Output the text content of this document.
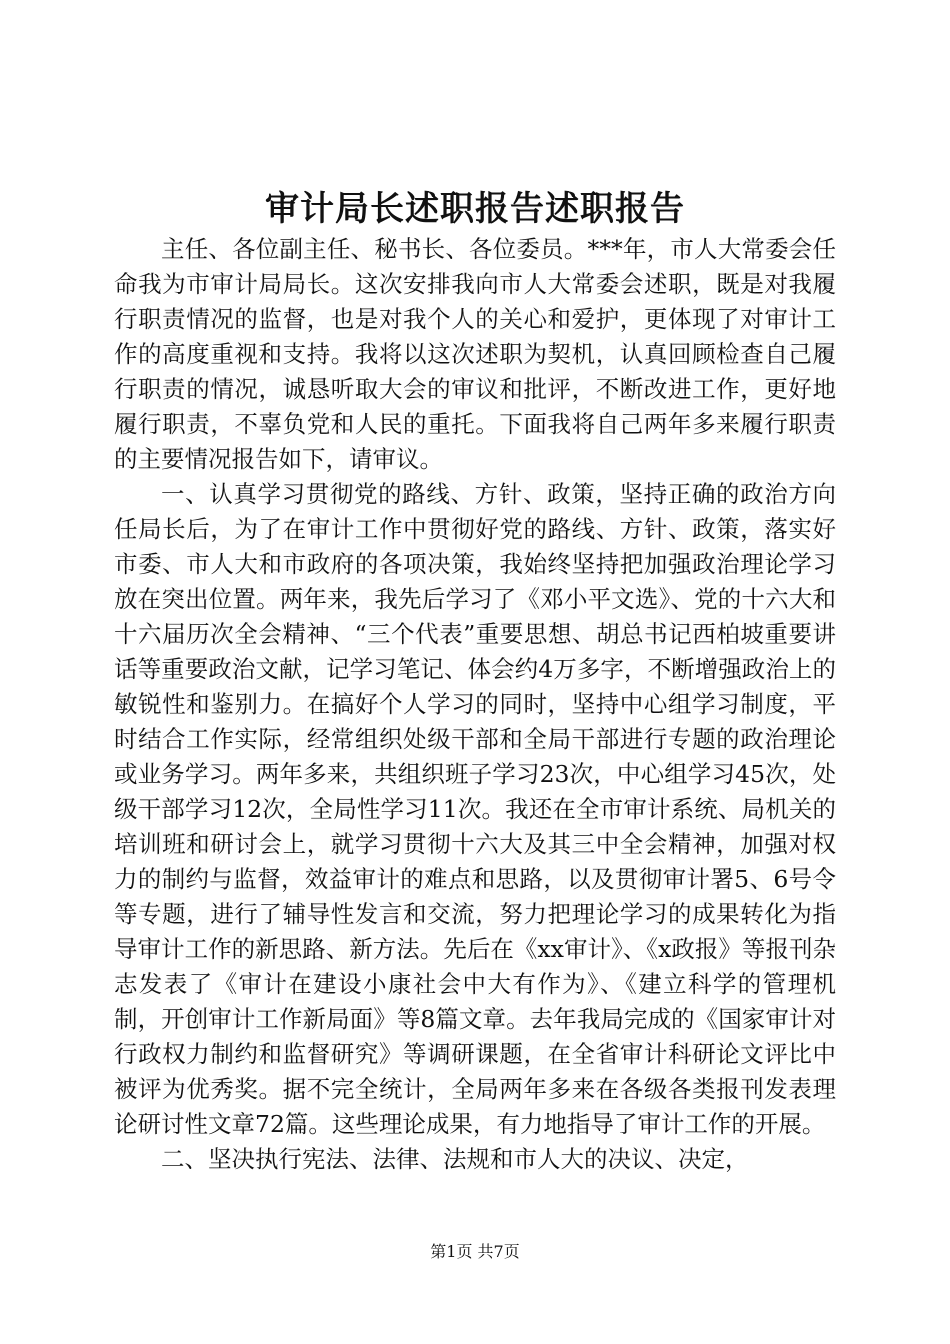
审计局长述职报告述职报告

主任、各位副主任、秘书长、各位委员。***年，市人大常委会任命我为市审计局局长。这次安排我向市人大常委会述职，既是对我履行职责情况的监督，也是对我个人的关心和爱护，更体现了对审计工作的高度重视和支持。我将以这次述职为契机，认真回顾检查自己履行职责的情况，诚恳听取大会的审议和批评，不断改进工作，更好地履行职责，不辜负党和人民的重托。下面我将自己两年多来履行职责的主要情况报告如下，请审议。

一、认真学习贯彻党的路线、方针、政策，坚持正确的政治方向任局长后，为了在审计工作中贯彻好党的路线、方针、政策，落实好市委、市人大和市政府的各项决策，我始终坚持把加强政治理论学习放在突出位置。两年来，我先后学习了《邓小平文选》、党的十六大和十六届历次全会精神、“三个代表”重要思想、胡总书记西柏坡重要讲话等重要政治文献，记学习笔记、体会约4万多字，不断增强政治上的敏锐性和鉴别力。在搞好个人学习的同时，坚持中心组学习制度，平时结合工作实际，经常组织处级干部和全局干部进行专题的政治理论或业务学习。两年多来，共组织班子学习23次，中心组学习45次，处级干部学习12次，全局性学习11次。我还在全市审计系统、局机关的培训班和研讨会上，就学习贯彻十六大及其三中全会精神，加强对权力的制约与监督，效益审计的难点和思路，以及贯彻审计署5、6号令等专题，进行了辅导性发言和交流，努力把理论学习的成果转化为指导审计工作的新思路、新方法。先后在《xx审计》、《x政报》等报刊杂志发表了《审计在建设小康社会中大有作为》、《建立科学的管理机制，开创审计工作新局面》等8篇文章。去年我局完成的《国家审计对行政权力制约和监督研究》等调研课题，在全省审计科研论文评比中被评为优秀奖。据不完全统计，全局两年多来在各级各类报刊发表理论研讨性文章72篇。这些理论成果，有力地指导了审计工作的开展。

二、坚决执行宪法、法律、法规和市人大的决议、决定，

第1页 共7页
